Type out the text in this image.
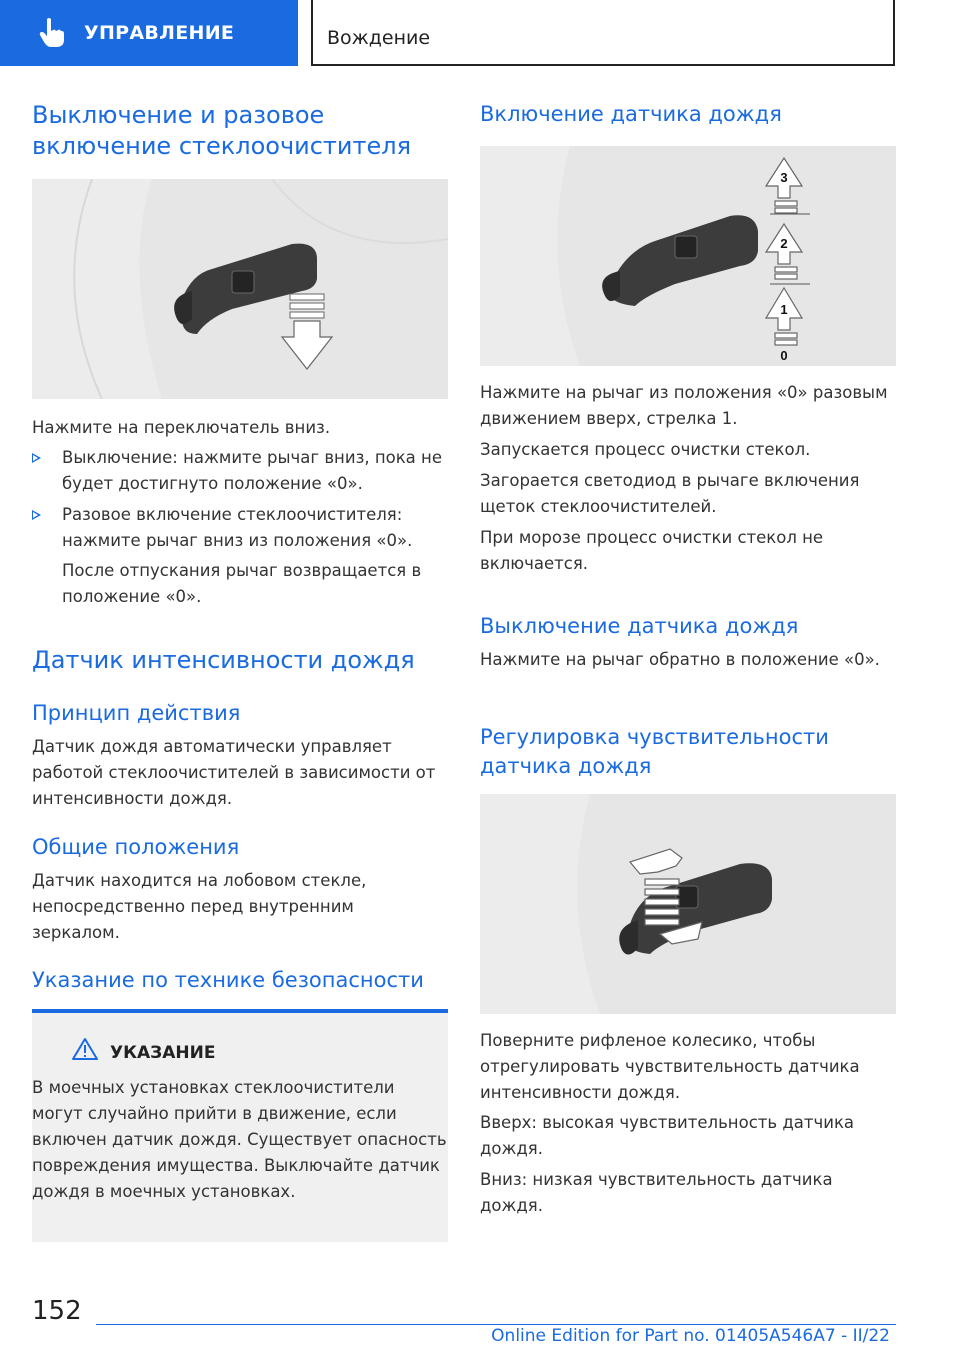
УПРАВЛЕНИЕ	Вождение
Выключение и разовое включение стеклоочистителя
Нажмите на переключатель вниз.
Выключение: нажмите рычаг вниз, пока не будет достигнуто положение «0».
Разовое включение стеклоочистителя: нажмите рычаг вниз из положения «0».
После отпускания рычаг возвращается в положение «0».
Датчик интенсивности дождя
Принцип действия
Датчик дождя автоматически управляет работой стеклоочистителей в зависимости от интенсивности дождя.
Общие положения
Датчик находится на лобовом стекле, непосредственно перед внутренним зеркалом.
Указание по технике безопасности
УКАЗАНИЕ
В моечных установках стеклоочистители могут случайно прийти в движение, если включен датчик дождя. Существует опасность повреждения имущества. Выключайте датчик дождя в моечных установках.
Включение датчика дождя
3
2
1
0
Нажмите на рычаг из положения «0» разовым движением вверх, стрелка 1.
Запускается процесс очистки стекол.
Загорается светодиод в рычаге включения щеток стеклоочистителей.
При морозе процесс очистки стекол не включается.
Выключение датчика дождя
Нажмите на рычаг обратно в положение «0».
Регулировка чувствительности датчика дождя
Поверните рифленое колесико, чтобы отрегулировать чувствительность датчика интенсивности дождя.
Вверх: высокая чувствительность датчика дождя.
Вниз: низкая чувствительность датчика дождя.
152
Online Edition for Part no. 01405A546A7 - II/22
